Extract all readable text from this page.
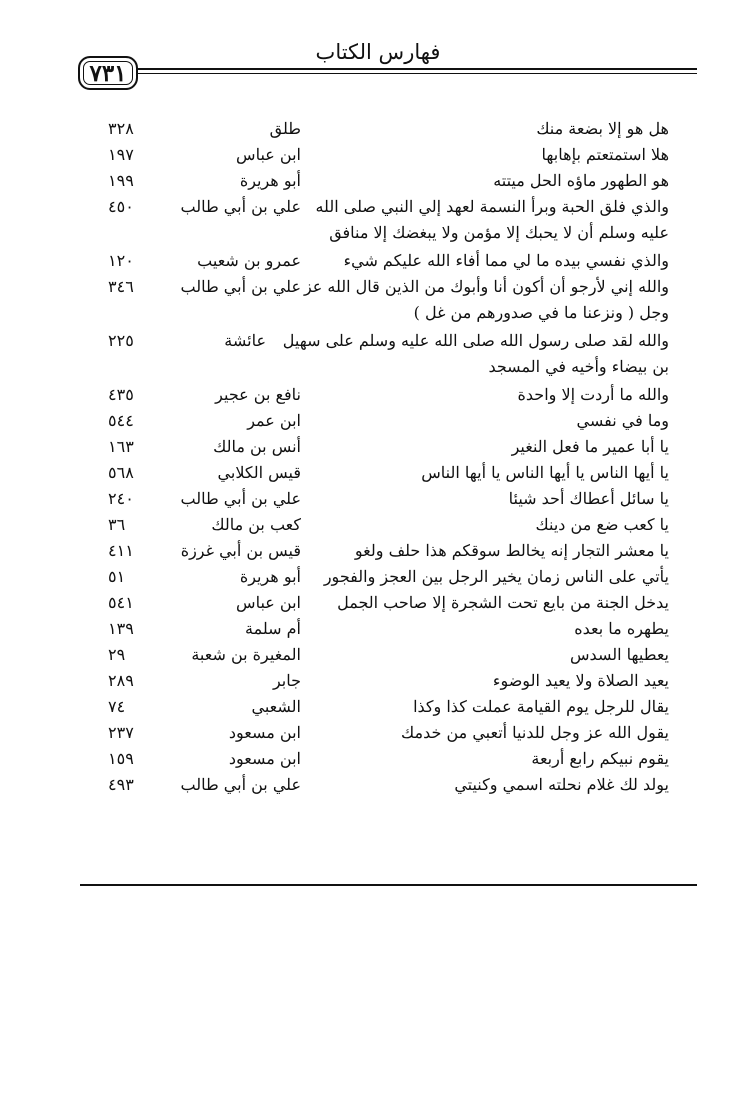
فهارس الكتاب
٧٣١
هل هو إلا بضعة منك
طلق
٣٢٨
هلا استمتعتم بإهابها
ابن عباس
١٩٧
هو الطهور ماؤه الحل ميتته
أبو هريرة
١٩٩
والذي فلق الحبة وبرأ النسمة لعهد إلي النبي صلى الله عليه وسلم أن لا يحبك إلا مؤمن ولا يبغضك إلا منافق
علي بن أبي طالب
٤٥٠
والذي نفسي بيده ما لي مما أفاء الله عليكم شيء
عمرو بن شعيب
١٢٠
والله إني لأرجو أن أكون أنا وأبوك من الذين قال الله عز وجل ( ونزعنا ما في صدورهم من غل )
علي بن أبي طالب
٣٤٦
والله لقد صلى رسول الله صلى الله عليه وسلم على سهيل بن بيضاء وأخيه في المسجد
عائشة
٢٢٥
والله ما أردت إلا واحدة
نافع بن عجير
٤٣٥
وما في نفسي
ابن عمر
٥٤٤
يا أبا عمير ما فعل النغير
أنس بن مالك
١٦٣
يا أيها الناس يا أيها الناس يا أيها الناس
قيس الكلابي
٥٦٨
يا سائل أعطاك أحد شيئا
علي بن أبي طالب
٢٤٠
يا كعب ضع من دينك
كعب بن مالك
٣٦
يا معشر التجار إنه يخالط سوقكم هذا حلف ولغو
قيس بن أبي غرزة
٤١١
يأتي على الناس زمان يخير الرجل بين العجز والفجور
أبو هريرة
٥١
يدخل الجنة من بايع تحت الشجرة إلا صاحب الجمل
ابن عباس
٥٤١
يطهره ما بعده
أم سلمة
١٣٩
يعطيها السدس
المغيرة بن شعبة
٢٩
يعيد الصلاة ولا يعيد الوضوء
جابر
٢٨٩
يقال للرجل يوم القيامة عملت كذا وكذا
الشعبي
٧٤
يقول الله عز وجل للدنيا أتعبي من خدمك
ابن مسعود
٢٣٧
يقوم نبيكم رابع أربعة
ابن مسعود
١٥٩
يولد لك غلام نحلته اسمي وكنيتي
علي بن أبي طالب
٤٩٣
